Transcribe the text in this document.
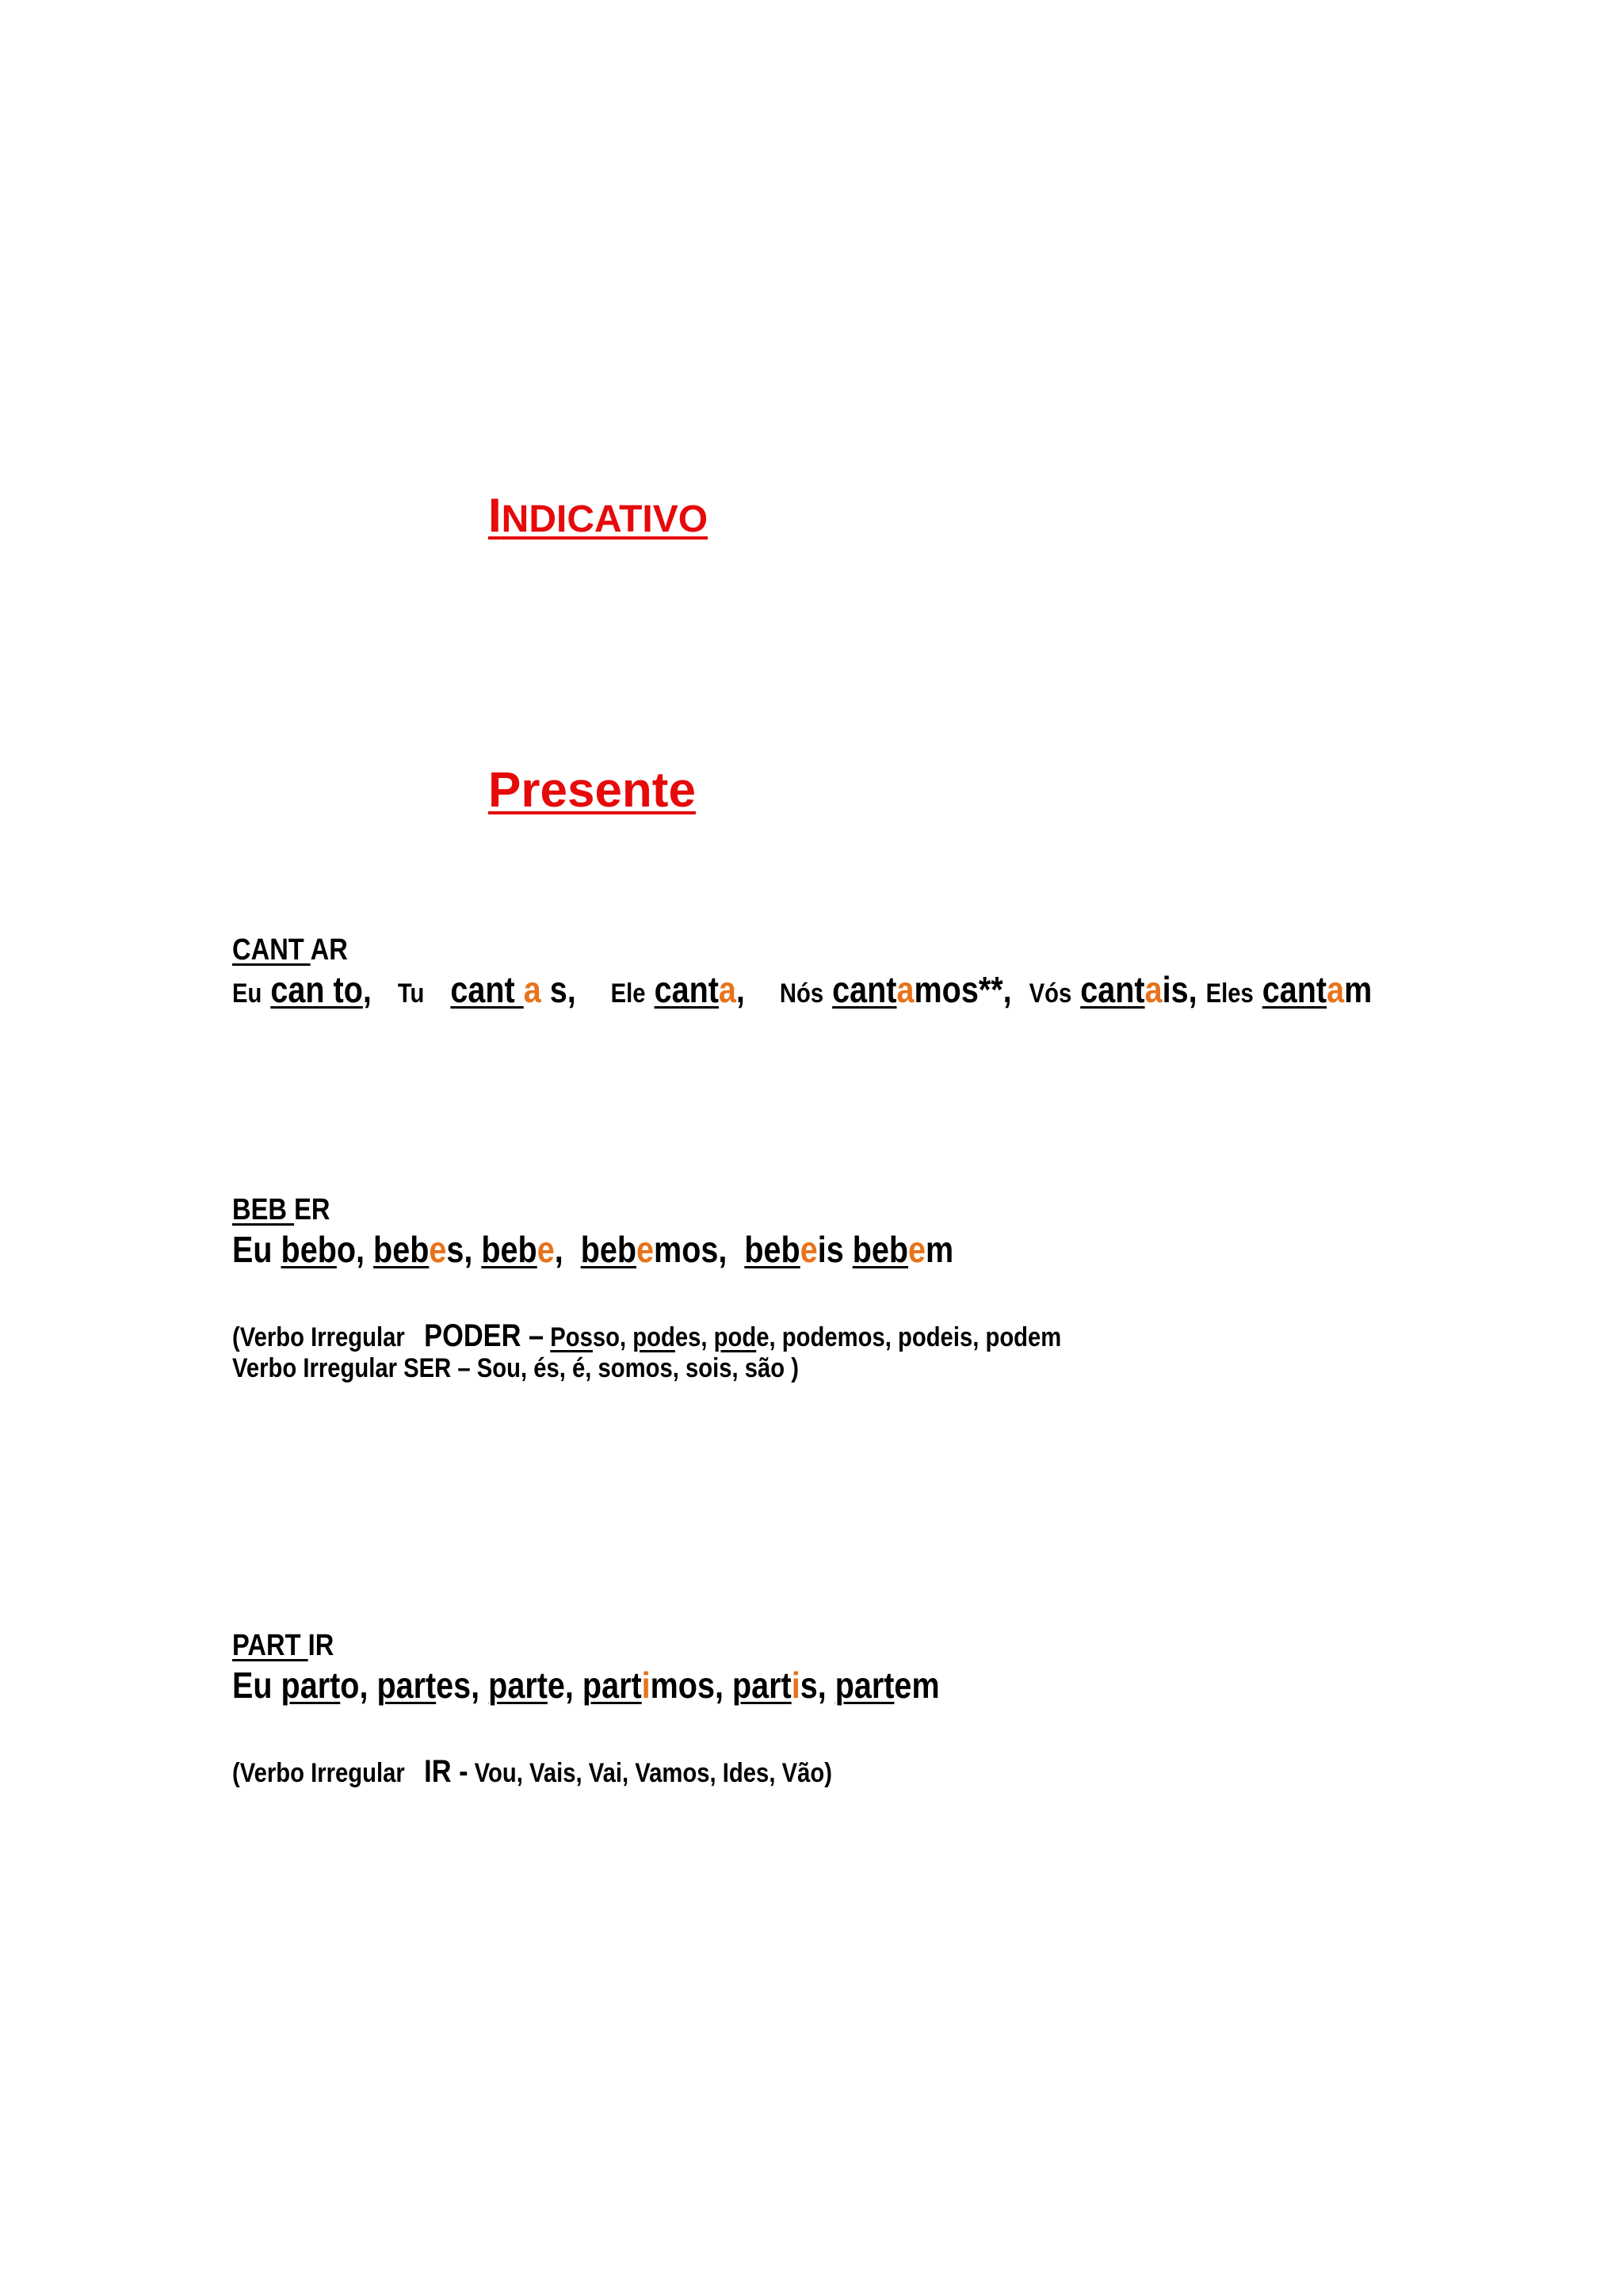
INDICATIVO
Presente
CANT AR
Eu can to, Tu cant a s, Ele canta, Nós cantamos**, Vós cantais, Eles cantam
BEB ER
Eu bebo, bebes, bebe, bebemos, bebeis bebem
(Verbo Irregular PODER – Posso, podes, pode, podemos, podeis, podem
Verbo Irregular SER – Sou, és, é, somos, sois, são )
PART IR
Eu parto, partes, parte, partimos, partis, partem
(Verbo Irregular IR - Vou, Vais, Vai, Vamos, Ides, Vão)
